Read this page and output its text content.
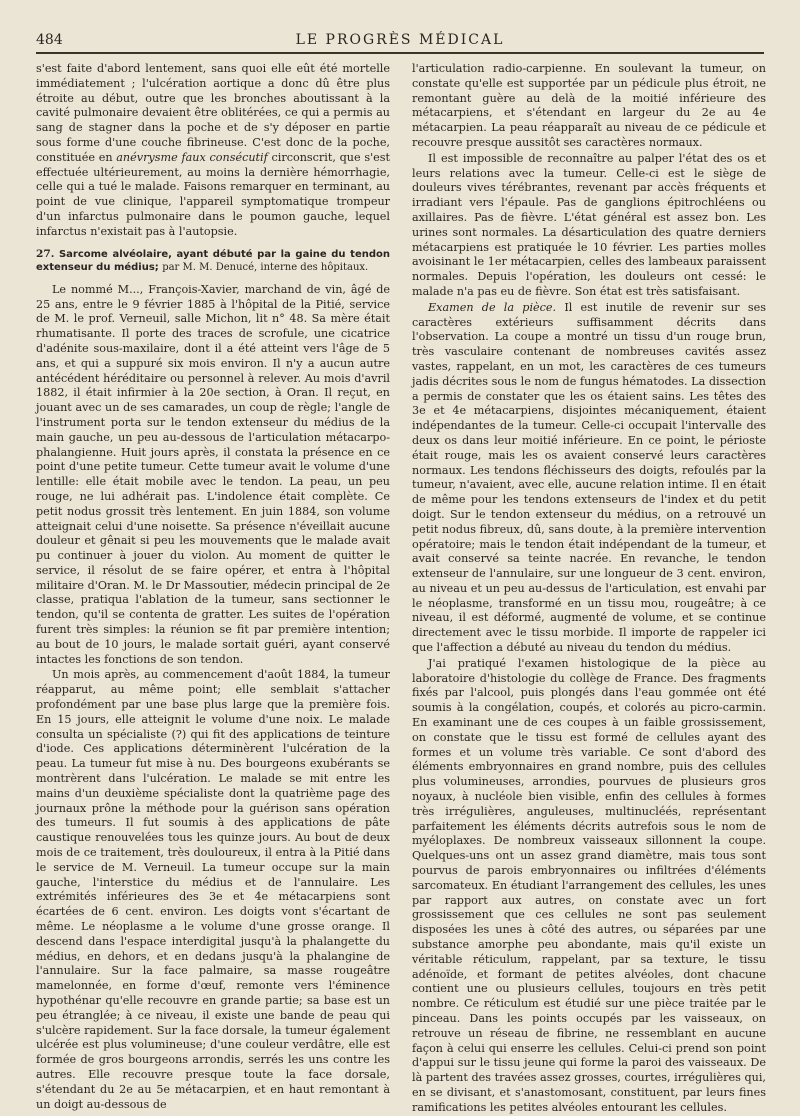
484	LE PROGRÈS MÉDICAL

s'est faite d'abord lentement, sans quoi elle eût été mortelle immédiatement ; l'ulcération aortique a donc dû être plus étroite au début, outre que les bronches aboutissant à la cavité pulmonaire devaient être oblitérées, ce qui a permis au sang de stagner dans la poche et de s'y déposer en partie sous forme d'une couche fibrineuse. C'est donc de la poche, constituée en anévrysme faux consécutif circonscrit, que s'est effectuée ultérieurement, au moins la dernière hémorrhagie, celle qui a tué le malade. Faisons remarquer en terminant, au point de vue clinique, l'appareil symptomatique trompeur d'un infarctus pulmonaire dans le poumon gauche, lequel infarctus n'existait pas à l'autopsie.

27. Sarcome alvéolaire, ayant débuté par la gaine du tendon extenseur du médius; par M. M. Denucé, interne des hôpitaux.

Le nommé M..., François-Xavier, marchand de vin, âgé de 25 ans, entre le 9 février 1885 à l'hôpital de la Pitié, service de M. le prof. Verneuil, salle Michon, lit n° 48. Sa mère était rhumatisante. Il porte des traces de scrofule, une cicatrice d'adénite sous-maxilaire, dont il a été atteint vers l'âge de 5 ans, et qui a suppuré six mois environ. Il n'y a aucun autre antécédent héréditaire ou personnel à relever. Au mois d'avril 1882, il était infirmier à la 20e section, à Oran. Il reçut, en jouant avec un de ses camarades, un coup de règle; l'angle de l'instrument porta sur le tendon extenseur du médius de la main gauche, un peu au-dessous de l'articulation métacarpo-phalangienne. Huit jours après, il constata la présence en ce point d'une petite tumeur. Cette tumeur avait le volume d'une lentille: elle était mobile avec le tendon. La peau, un peu rouge, ne lui adhérait pas. L'indolence était complète. Ce petit nodus grossit très lentement. En juin 1884, son volume atteignait celui d'une noisette. Sa présence n'éveillait aucune douleur et gênait si peu les mouvements que le malade avait pu continuer à jouer du violon. Au moment de quitter le service, il résolut de se faire opérer, et entra à l'hôpital militaire d'Oran. M. le Dr Massoutier, médecin principal de 2e classe, pratiqua l'ablation de la tumeur, sans sectionner le tendon, qu'il se contenta de gratter. Les suites de l'opération furent très simples: la réunion se fit par première intention; au bout de 10 jours, le malade sortait guéri, ayant conservé intactes les fonctions de son tendon.

Un mois après, au commencement d'août 1884, la tumeur réapparut, au même point; elle semblait s'attacher profondément par une base plus large que la première fois. En 15 jours, elle atteignit le volume d'une noix. Le malade consulta un spécialiste (?) qui fit des applications de teinture d'iode. Ces applications déterminèrent l'ulcération de la peau. La tumeur fut mise à nu. Des bourgeons exubérants se montrèrent dans l'ulcération. Le malade se mit entre les mains d'un deuxième spécialiste dont la quatrième page des journaux prône la méthode pour la guérison sans opération des tumeurs. Il fut soumis à des applications de pâte caustique renouvelées tous les quinze jours. Au bout de deux mois de ce traitement, très douloureux, il entra à la Pitié dans le service de M. Verneuil. La tumeur occupe sur la main gauche, l'interstice du médius et de l'annulaire. Les extrémités inférieures des 3e et 4e métacarpiens sont écartées de 6 cent. environ. Les doigts vont s'écartant de même. Le néoplasme a le volume d'une grosse orange. Il descend dans l'espace interdigital jusqu'à la phalangette du médius, en dehors, et en dedans jusqu'à la phalangine de l'annulaire. Sur la face palmaire, sa masse rougeâtre mamelonnée, en forme d'œuf, remonte vers l'éminence hypothénar qu'elle recouvre en grande partie; sa base est un peu étranglée; à ce niveau, il existe une bande de peau qui s'ulcère rapidement. Sur la face dorsale, la tumeur également ulcérée est plus volumineuse; d'une couleur verdâtre, elle est formée de gros bourgeons arrondis, serrés les uns contre les autres. Elle recouvre presque toute la face dorsale, s'étendant du 2e au 5e métacarpien, et en haut remontant à un doigt au-dessous de

l'articulation radio-carpienne. En soulevant la tumeur, on constate qu'elle est supportée par un pédicule plus étroit, ne remontant guère au delà de la moitié inférieure des métacarpiens, et s'étendant en largeur du 2e au 4e métacarpien. La peau réapparaît au niveau de ce pédicule et recouvre presque aussitôt ses caractères normaux.

Il est impossible de reconnaître au palper l'état des os et leurs relations avec la tumeur. Celle-ci est le siège de douleurs vives térébrantes, revenant par accès fréquents et irradiant vers l'épaule. Pas de ganglions épitrochléens ou axillaires. Pas de fièvre. L'état général est assez bon. Les urines sont normales. La désarticulation des quatre derniers métacarpiens est pratiquée le 10 février. Les parties molles avoisinant le 1er métacarpien, celles des lambeaux paraissent normales. Depuis l'opération, les douleurs ont cessé: le malade n'a pas eu de fièvre. Son état est très satisfaisant.

Examen de la pièce. Il est inutile de revenir sur ses caractères extérieurs suffisamment décrits dans l'observation. La coupe a montré un tissu d'un rouge brun, très vasculaire contenant de nombreuses cavités assez vastes, rappelant, en un mot, les caractères de ces tumeurs jadis décrites sous le nom de fungus hématodes. La dissection a permis de constater que les os étaient sains. Les têtes des 3e et 4e métacarpiens, disjointes mécaniquement, étaient indépendantes de la tumeur. Celle-ci occupait l'intervalle des deux os dans leur moitié inférieure. En ce point, le périoste était rouge, mais les os avaient conservé leurs caractères normaux. Les tendons fléchisseurs des doigts, refoulés par la tumeur, n'avaient, avec elle, aucune relation intime. Il en était de même pour les tendons extenseurs de l'index et du petit doigt. Sur le tendon extenseur du médius, on a retrouvé un petit nodus fibreux, dû, sans doute, à la première intervention opératoire; mais le tendon était indépendant de la tumeur, et avait conservé sa teinte nacrée. En revanche, le tendon extenseur de l'annulaire, sur une longueur de 3 cent. environ, au niveau et un peu au-dessus de l'articulation, est envahi par le néoplasme, transformé en un tissu mou, rougeâtre; à ce niveau, il est déformé, augmenté de volume, et se continue directement avec le tissu morbide. Il importe de rappeler ici que l'affection a débuté au niveau du tendon du médius.

J'ai pratiqué l'examen histologique de la pièce au laboratoire d'histologie du collège de France. Des fragments fixés par l'alcool, puis plongés dans l'eau gommée ont été soumis à la congélation, coupés, et colorés au picro-carmin. En examinant une de ces coupes à un faible grossissement, on constate que le tissu est formé de cellules ayant des formes et un volume très variable. Ce sont d'abord des éléments embryonnaires en grand nombre, puis des cellules plus volumineuses, arrondies, pourvues de plusieurs gros noyaux, à nucléole bien visible, enfin des cellules à formes très irrégulières, anguleuses, multinucléés, représentant parfaitement les éléments décrits autrefois sous le nom de myéloplaxes. De nombreux vaisseaux sillonnent la coupe. Quelques-uns ont un assez grand diamètre, mais tous sont pourvus de parois embryonnaires ou infiltrées d'éléments sarcomateux. En étudiant l'arrangement des cellules, les unes par rapport aux autres, on constate avec un fort grossissement que ces cellules ne sont pas seulement disposées les unes à côté des autres, ou séparées par une substance amorphe peu abondante, mais qu'il existe un véritable réticulum, rappelant, par sa texture, le tissu adénoïde, et formant de petites alvéoles, dont chacune contient une ou plusieurs cellules, toujours en très petit nombre. Ce réticulum est étudié sur une pièce traitée par le pinceau. Dans les points occupés par les vaisseaux, on retrouve un réseau de fibrine, ne ressemblant en aucune façon à celui qui enserre les cellules. Celui-ci prend son point d'appui sur le tissu jeune qui forme la paroi des vaisseaux. De là partent des travées assez grosses, courtes, irrégulières qui, en se divisant, et s'anastomosant, constituent, par leurs fines ramifications les petites alvéoles entourant les cellules.
